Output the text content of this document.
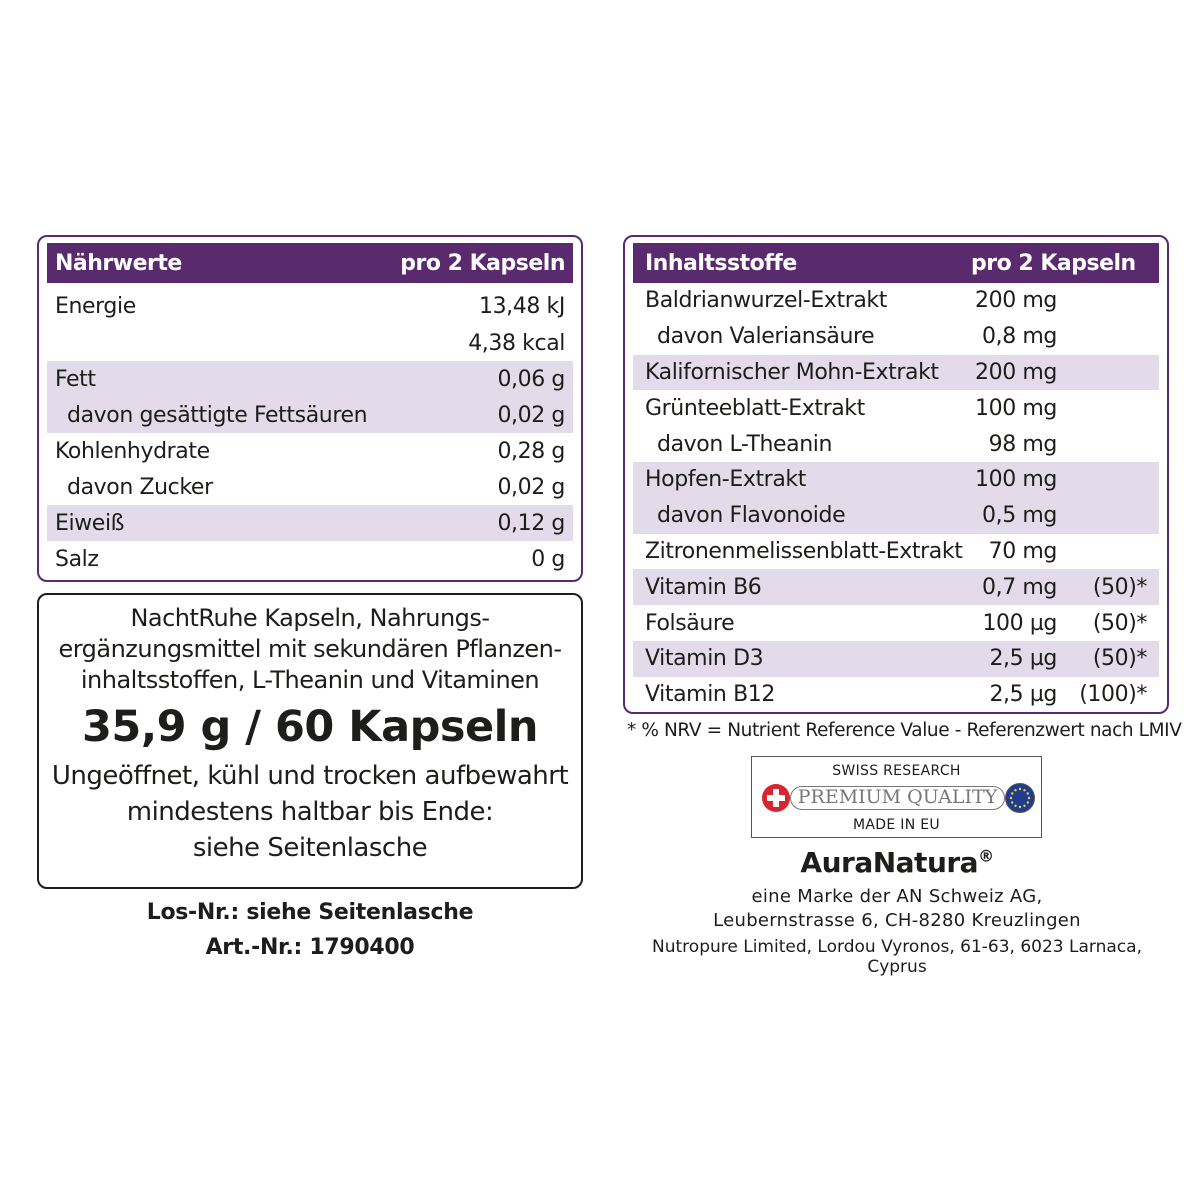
Nährwerte	pro 2 Kapseln
Energie	13,48 kJ
4,38 kcal
Fett	0,06 g
davon gesättigte Fettsäuren	0,02 g
Kohlenhydrate	0,28 g
davon Zucker	0,02 g
Eiweiß	0,12 g
Salz	0 g
NachtRuhe Kapseln, Nahrungs-
ergänzungsmittel mit sekundären Pflanzen-
inhaltsstoffen, L-Theanin und Vitaminen
35,9 g / 60 Kapseln
Ungeöffnet, kühl und trocken aufbewahrt
mindestens haltbar bis Ende:
siehe Seitenlasche
Los-Nr.: siehe Seitenlasche
Art.-Nr.: 1790400
Inhaltsstoffe	pro 2 Kapseln
Baldrianwurzel-Extrakt	200 mg
davon Valeriansäure	0,8 mg
Kalifornischer Mohn-Extrakt	200 mg
Grünteeblatt-Extrakt	100 mg
davon L-Theanin	98 mg
Hopfen-Extrakt	100 mg
davon Flavonoide	0,5 mg
Zitronenmelissenblatt-Extrakt	70 mg
Vitamin B6	0,7 mg	(50)*
Folsäure	100 µg	(50)*
Vitamin D3	2,5 µg	(50)*
Vitamin B12	2,5 µg	(100)*
* % NRV = Nutrient Reference Value - Referenzwert nach LMIV
SWISS RESEARCH
PREMIUM QUALITY
MADE IN EU
AuraNatura®
eine Marke der AN Schweiz AG,
Leubernstrasse 6, CH-8280 Kreuzlingen
Nutropure Limited, Lordou Vyronos, 61-63, 6023 Larnaca, Cyprus
